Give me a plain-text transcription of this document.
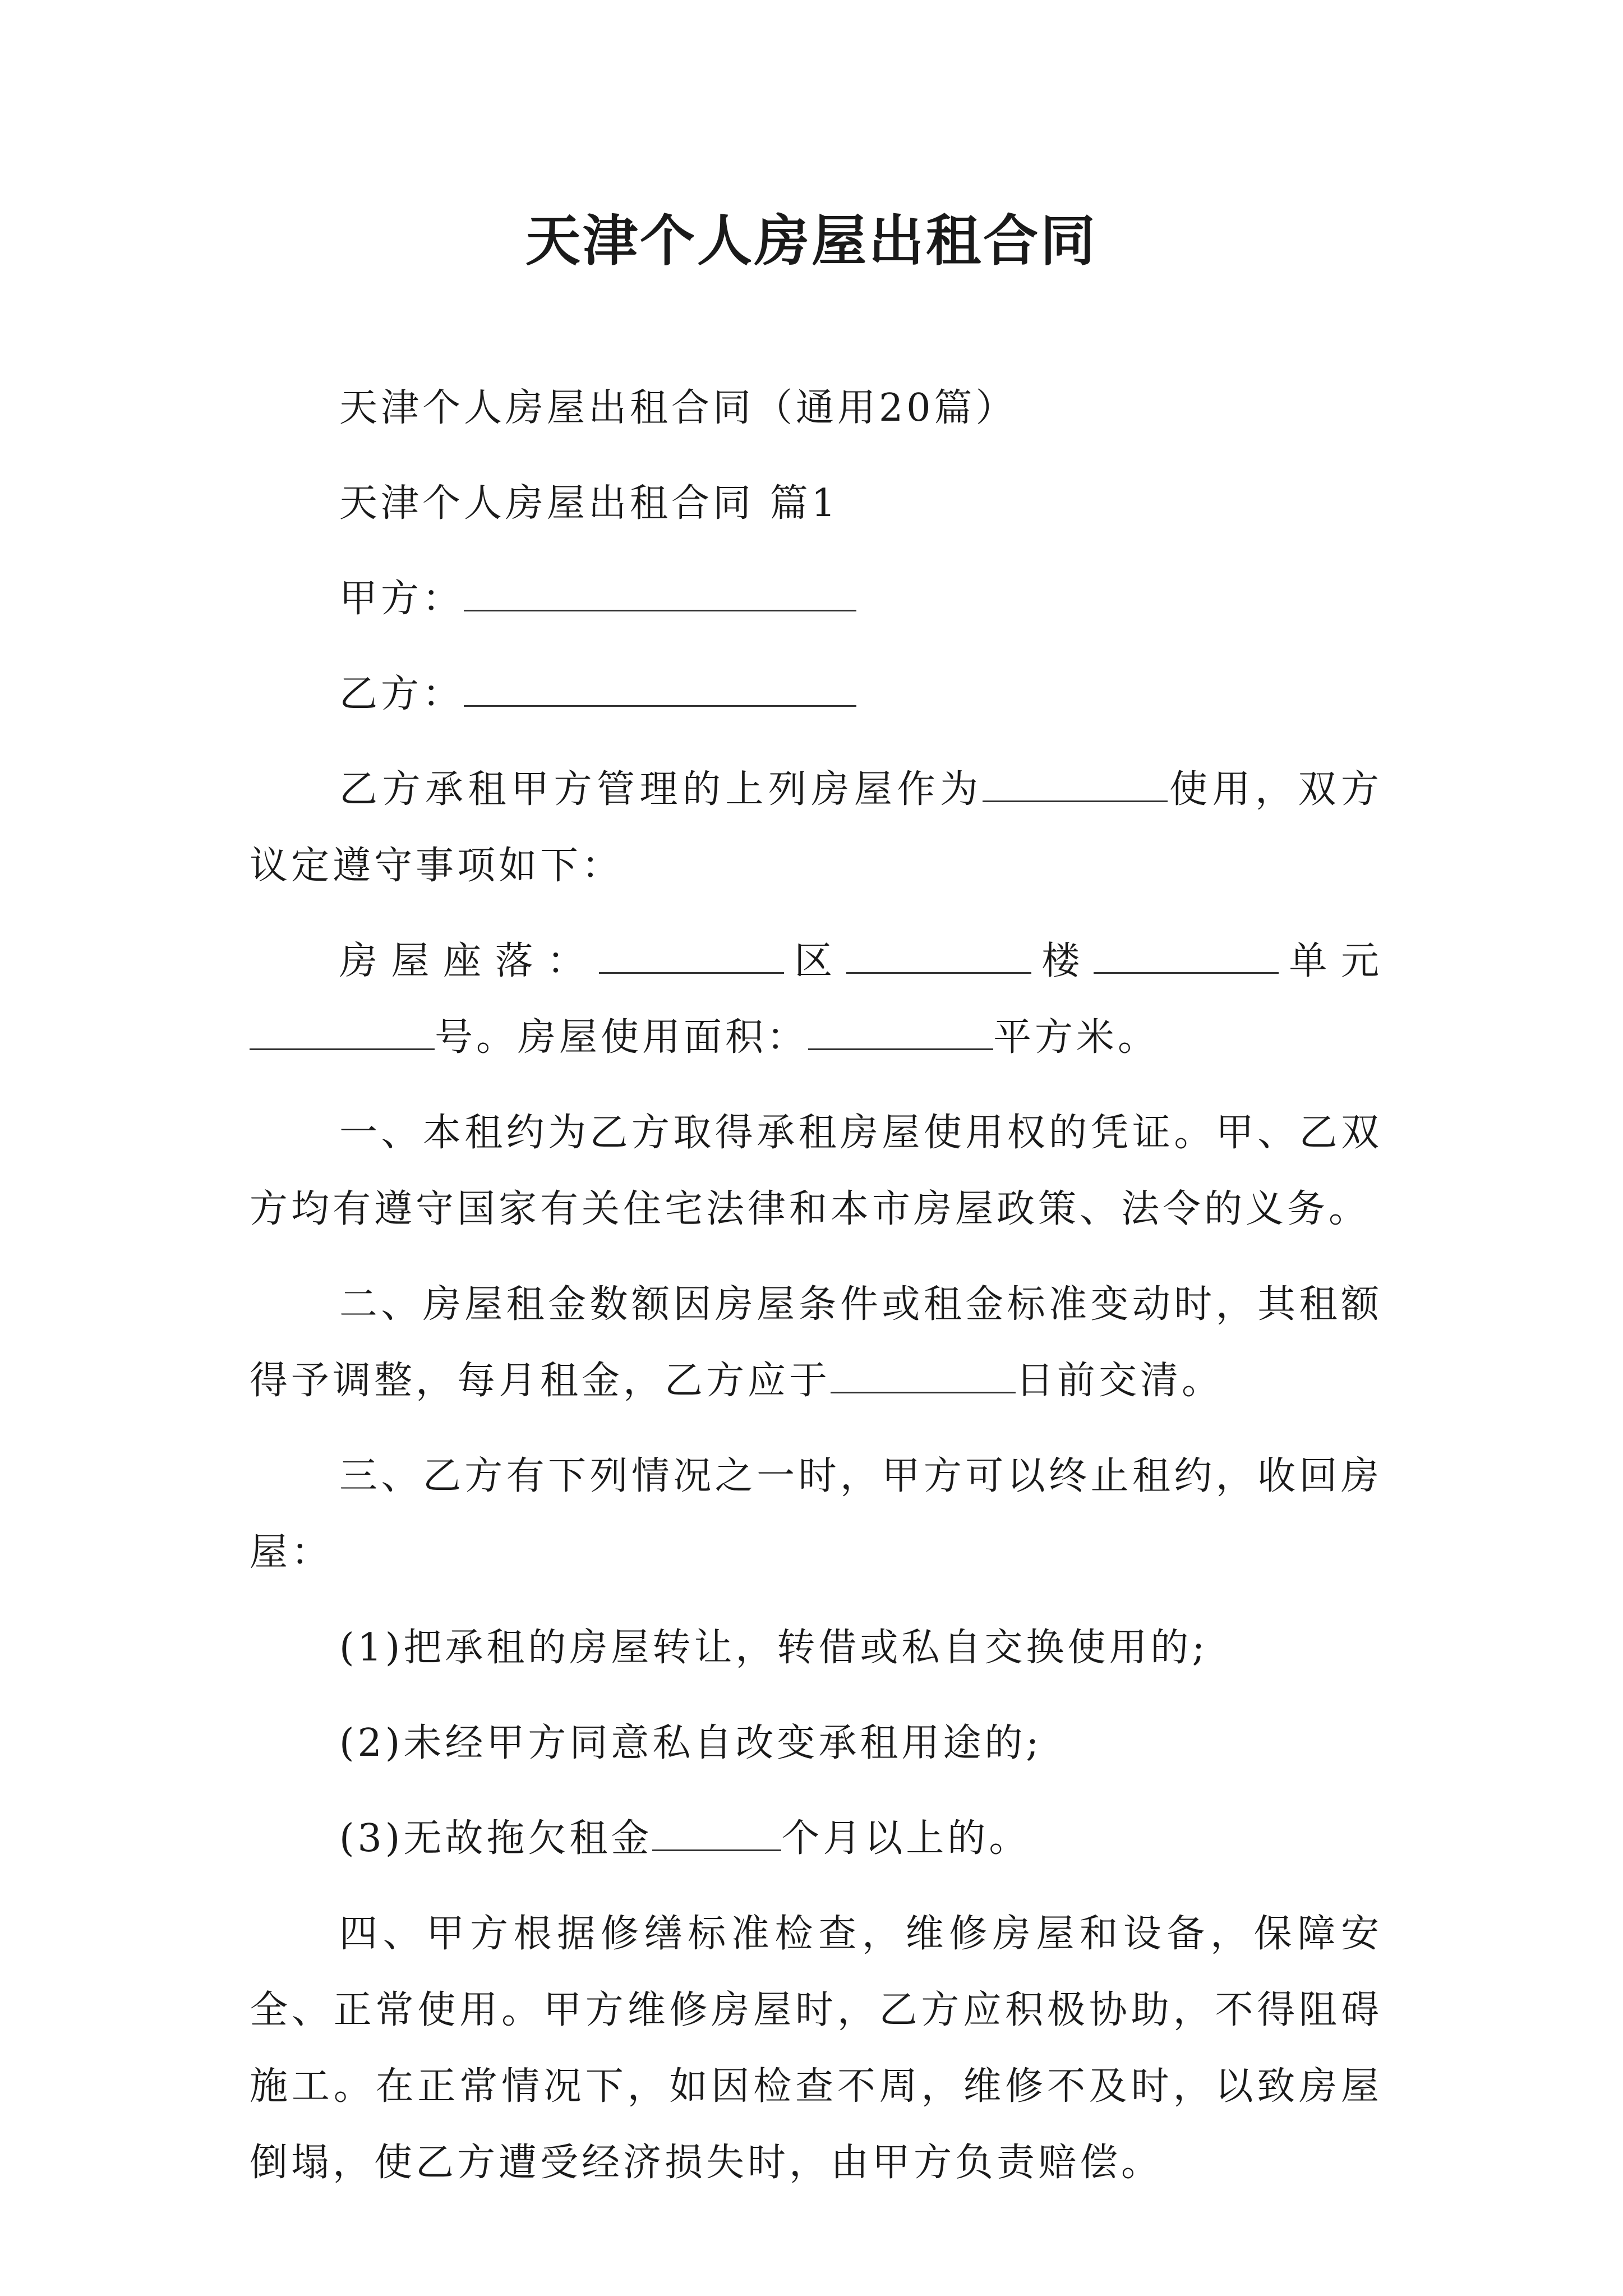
天津个人房屋出租合同

天津个人房屋出租合同（通用20篇）

天津个人房屋出租合同 篇1

甲方：

乙方：

乙方承租甲方管理的上列房屋作为	使用，双方议定遵守事项如下：

房屋座落：	区	楼	单元号。房屋使用面积：	平方米。

一、本租约为乙方取得承租房屋使用权的凭证。甲、乙双方均有遵守国家有关住宅法律和本市房屋政策、法令的义务。

二、房屋租金数额因房屋条件或租金标准变动时，其租额得予调整，每月租金，乙方应于	日前交清。

三、乙方有下列情况之一时，甲方可以终止租约，收回房屋：

(1)把承租的房屋转让，转借或私自交换使用的;

(2)未经甲方同意私自改变承租用途的;

(3)无故拖欠租金	个月以上的。

四、甲方根据修缮标准检查，维修房屋和设备，保障安全、正常使用。甲方维修房屋时，乙方应积极协助，不得阻碍施工。在正常情况下，如因检查不周，维修不及时，以致房屋倒塌，使乙方遭受经济损失时，由甲方负责赔偿。
